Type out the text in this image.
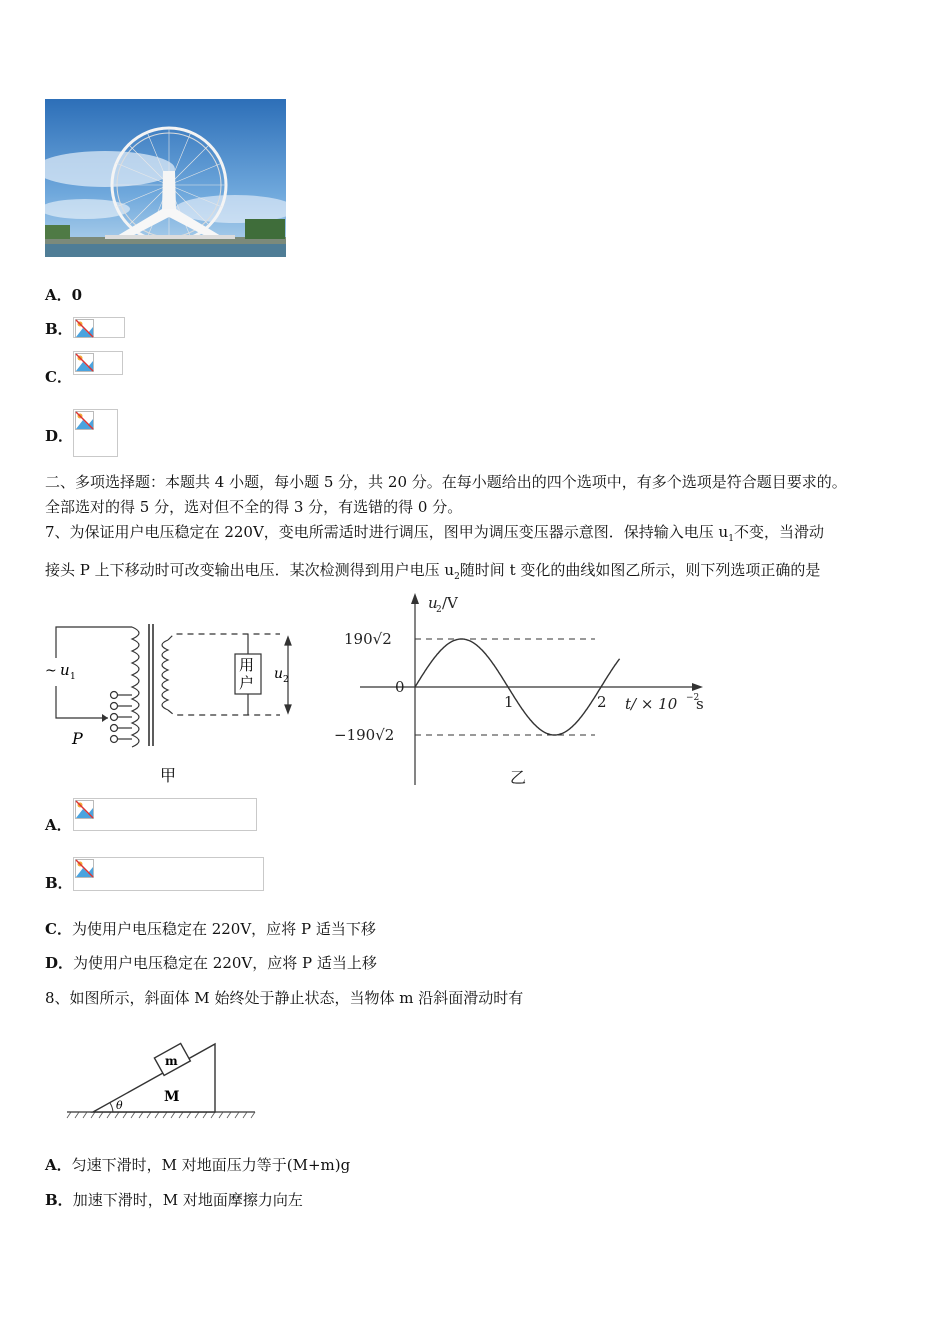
A．0
B．
C．
D．
二、多项选择题：本题共 4 小题，每小题 5 分，共 20 分。在每小题给出的四个选项中，有多个选项是符合题目要求的。
全部选对的得 5 分，选对但不全的得 3 分，有选错的得 0 分。
7、为保证用户电压稳定在 220V，变电所需适时进行调压，图甲为调压变压器示意图．保持输入电压 $u_1$不变，当滑动
接头 P 上下移动时可改变输出电压．某次检测得到用户电压 $u_2$随时间 t 变化的曲线如图乙所示，则下列选项正确的是
~ u 1
P
用
户 u 2
甲
u
2 /V
190√2
0
−190√2
1	2 t/ × 10 −2
s
乙
A．
B．
C．为使用户电压稳定在 220V，应将 P 适当下移
D．为使用户电压稳定在 220V，应将 P 适当上移
8、如图所示，斜面体 M 始终处于静止状态，当物体 m 沿斜面滑动时有
m
M
θ
A．匀速下滑时，M 对地面压力等于(M+m)g
B．加速下滑时，M 对地面摩擦力向左
